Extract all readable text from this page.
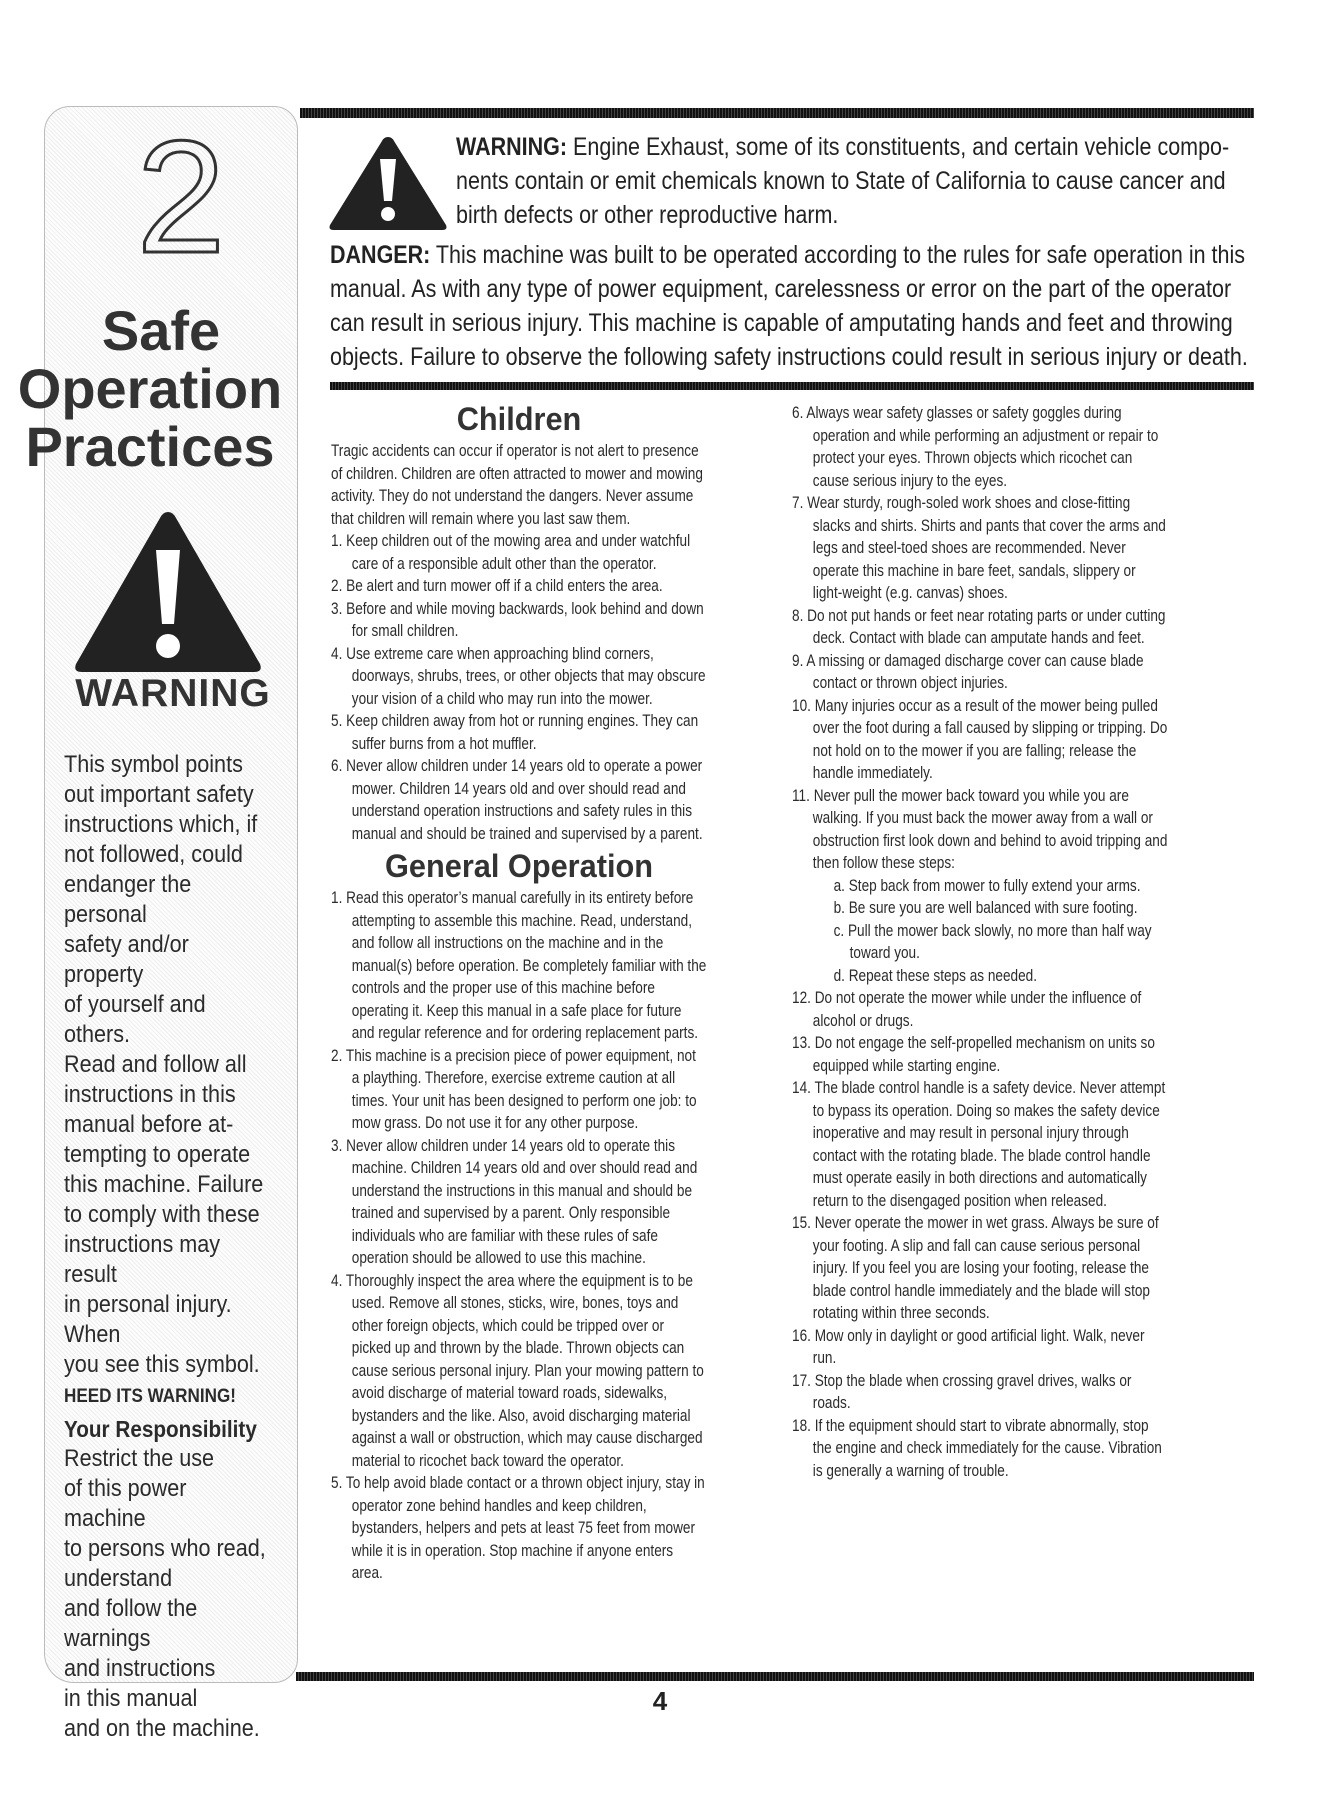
2
Safe
Operation
Practices
WARNING

This symbol points

out important safety

instructions which, if

not followed, could

endanger the personal

safety and/or property

of yourself and others.

Read and follow all

instructions in this

manual before at-

tempting to operate

this machine. Failure

to comply with these

instructions may result

in personal injury. When

you see this symbol.

HEED ITS WARNING!

Your Responsibility

Restrict the use

of this power machine

to persons who read,

understand

and follow the warnings

and instructions

in this manual

and on the machine.

WARNING: Engine Exhaust, some of its constituents, and certain vehicle compo-
nents contain or emit chemicals known to State of California to cause cancer and
birth defects or other reproductive harm.
DANGER: This machine was built to be operated according to the rules for safe operation in this
manual. As with any type of power equipment, carelessness or error on the part of the operator
can result in serious injury. This machine is capable of amputating hands and feet and throwing
objects. Failure to observe the following safety instructions could result in serious injury or death.
Children

Tragic accidents can occur if operator is not alert to presence of children. Children are often attracted to mower and mowing activity. They do not understand the dangers. Never assume that children will remain where you last saw them.

1. Keep children out of the mowing area and under watchful care of a responsible adult other than the operator.
2. Be alert and turn mower off if a child enters the area.
3. Before and while moving backwards, look behind and down for small children.
4. Use extreme care when approaching blind corners, doorways, shrubs, trees, or other objects that may obscure your vision of a child who may run into the mower.
5. Keep children away from hot or running engines. They can suffer burns from a hot muffler.
6. Never allow children under 14 years old to operate a power mower. Children 14 years old and over should read and understand operation instructions and safety rules in this manual and should be trained and supervised by a parent.
General Operation
1. Read this operator’s manual carefully in its entirety before attempting to assemble this machine. Read, understand, and follow all instructions on the machine and in the manual(s) before operation. Be completely familiar with the controls and the proper use of this machine before operating it. Keep this manual in a safe place for future and regular reference and for ordering replacement parts.
2. This machine is a precision piece of power equipment, not a plaything. Therefore, exercise extreme caution at all times. Your unit has been designed to perform one job: to mow grass. Do not use it for any other purpose.
3. Never allow children under 14 years old to operate this machine. Children 14 years old and over should read and understand the instructions in this manual and should be trained and supervised by a parent. Only responsible individuals who are familiar with these rules of safe operation should be allowed to use this machine.
4. Thoroughly inspect the area where the equipment is to be used. Remove all stones, sticks, wire, bones, toys and other foreign objects, which could be tripped over or picked up and thrown by the blade. Thrown objects can cause serious personal injury. Plan your mowing pattern to avoid discharge of material toward roads, sidewalks, bystanders and the like. Also, avoid discharging material against a wall or obstruction, which may cause discharged material to ricochet back toward the operator.
5. To help avoid blade contact or a thrown object injury, stay in operator zone behind handles and keep children, bystanders, helpers and pets at least 75 feet from mower while it is in operation. Stop machine if anyone enters area.
6. Always wear safety glasses or safety goggles during operation and while performing an adjustment or repair to protect your eyes. Thrown objects which ricochet can cause serious injury to the eyes.
7. Wear sturdy, rough-soled work shoes and close-fitting slacks and shirts. Shirts and pants that cover the arms and legs and steel-toed shoes are recommended. Never operate this machine in bare feet, sandals, slippery or light-weight (e.g. canvas) shoes.
8. Do not put hands or feet near rotating parts or under cutting deck. Contact with blade can amputate hands and feet.
9. A missing or damaged discharge cover can cause blade contact or thrown object injuries.
10. Many injuries occur as a result of the mower being pulled over the foot during a fall caused by slipping or tripping. Do not hold on to the mower if you are falling; release the handle immediately.
11. Never pull the mower back toward you while you are walking. If you must back the mower away from a wall or obstruction first look down and behind to avoid tripping and then follow these steps:
a. Step back from mower to fully extend your arms.
b. Be sure you are well balanced with sure footing.
c. Pull the mower back slowly, no more than half way toward you.
d. Repeat these steps as needed.
12. Do not operate the mower while under the influence of alcohol or drugs.
13. Do not engage the self-propelled mechanism on units so equipped while starting engine.
14. The blade control handle is a safety device. Never attempt to bypass its operation. Doing so makes the safety device inoperative and may result in personal injury through contact with the rotating blade. The blade control handle must operate easily in both directions and automatically return to the disengaged position when released.
15. Never operate the mower in wet grass. Always be sure of your footing. A slip and fall can cause serious personal injury. If you feel you are losing your footing, release the blade control handle immediately and the blade will stop rotating within three seconds.
16. Mow only in daylight or good artificial light. Walk, never run.
17. Stop the blade when crossing gravel drives, walks or roads.
18. If the equipment should start to vibrate abnormally, stop the engine and check immediately for the cause. Vibration is generally a warning of trouble.
4
